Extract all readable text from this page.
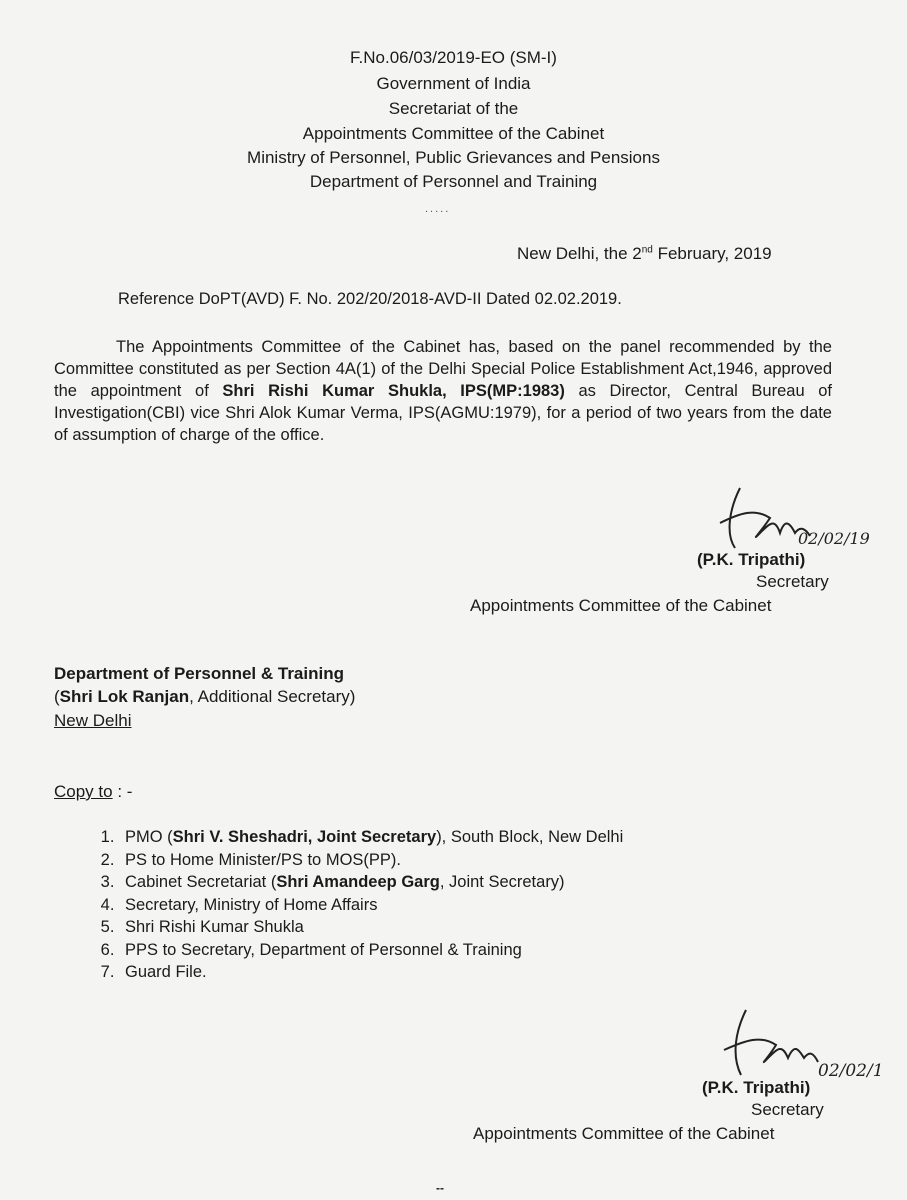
F.No.06/03/2019-EO (SM-I)
Government of India
Secretariat of the
Appointments Committee of the Cabinet
Ministry of Personnel, Public Grievances and Pensions
Department of Personnel and Training
.....
New Delhi, the 2nd February, 2019
Reference DoPT(AVD) F. No. 202/20/2018-AVD-II Dated 02.02.2019.
The Appointments Committee of the Cabinet has, based on the panel recommended by the Committee constituted as per Section 4A(1) of the Delhi Special Police Establishment Act,1946, approved the appointment of Shri Rishi Kumar Shukla, IPS(MP:1983) as Director, Central Bureau of Investigation(CBI) vice Shri Alok Kumar Verma, IPS(AGMU:1979), for a period of two years from the date of assumption of charge of the office.
02/02/19
(P.K. Tripathi)
Secretary
Appointments Committee of the Cabinet
Department of Personnel & Training
(Shri Lok Ranjan, Additional Secretary)
New Delhi
Copy to : -
1. PMO (Shri V. Sheshadri, Joint Secretary), South Block, New Delhi
2. PS to Home Minister/PS to MOS(PP).
3. Cabinet Secretariat (Shri Amandeep Garg, Joint Secretary)
4. Secretary, Ministry of Home Affairs
5. Shri Rishi Kumar Shukla
6. PPS to Secretary, Department of Personnel & Training
7. Guard File.
02/02/1
(P.K. Tripathi)
Secretary
Appointments Committee of the Cabinet
--
